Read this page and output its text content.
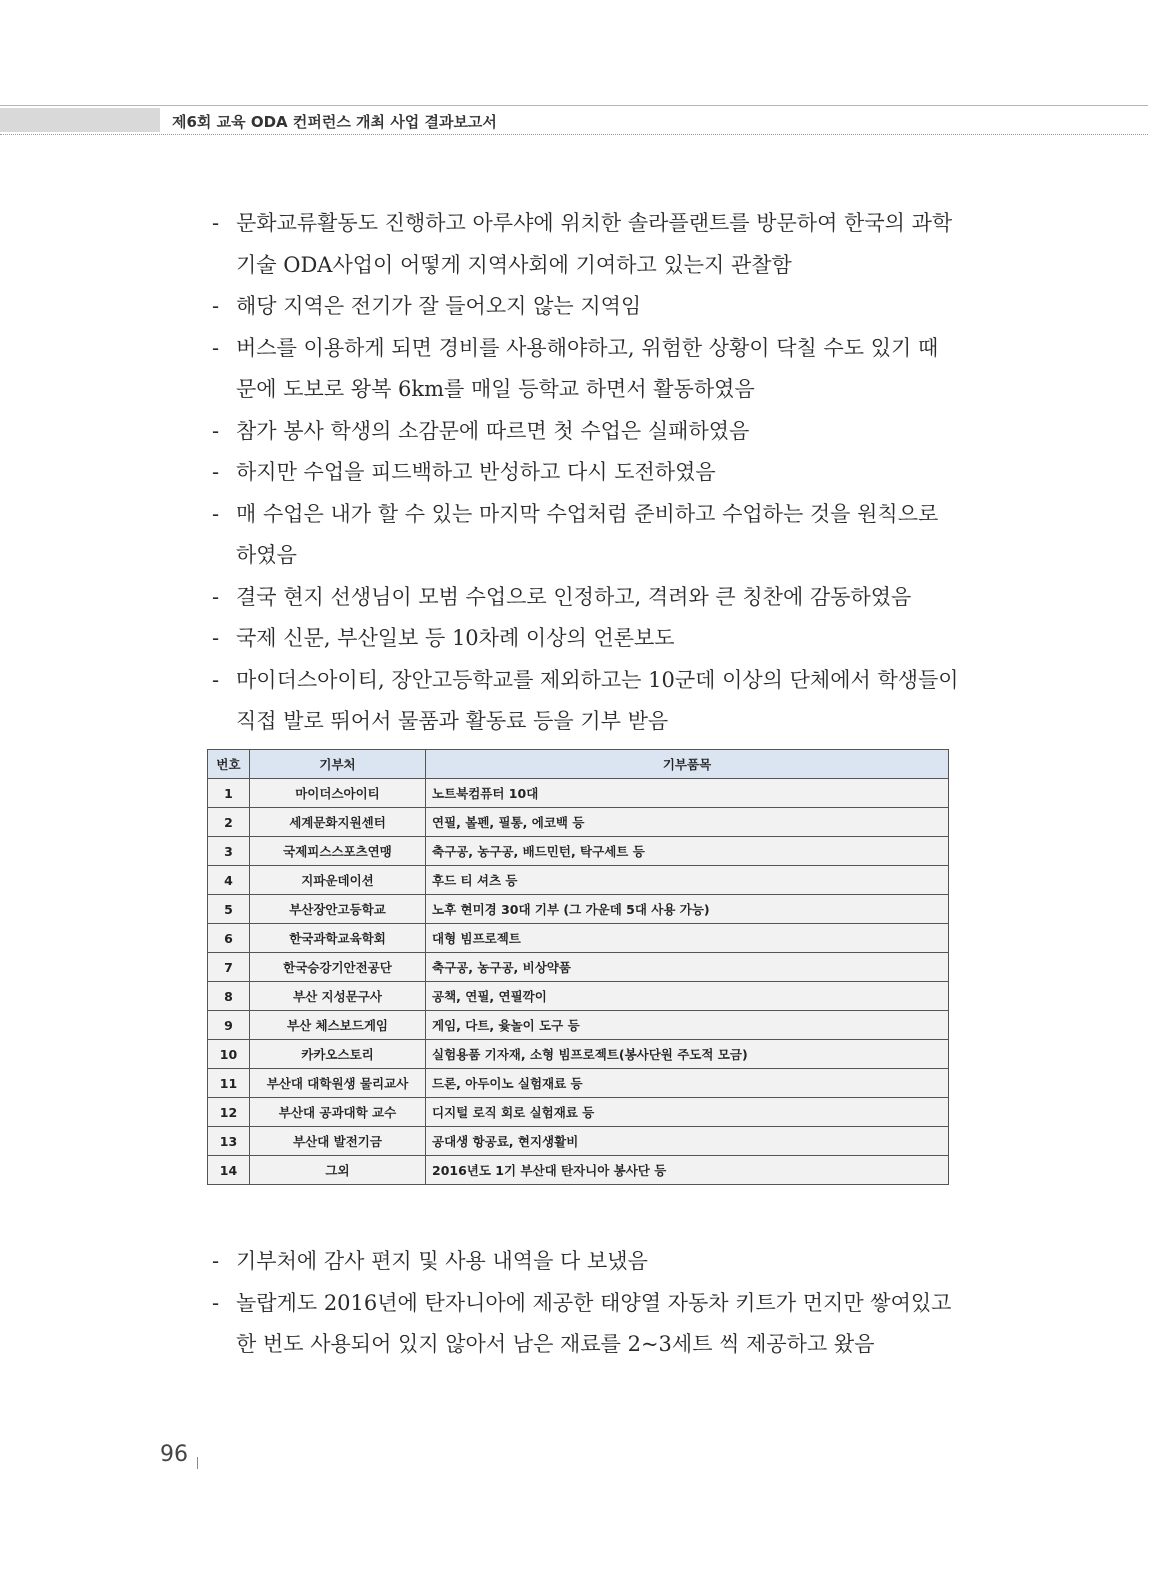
제6회 교육 ODA 컨퍼런스 개최 사업 결과보고서
- 문화교류활동도 진행하고 아루샤에 위치한 솔라플랜트를 방문하여 한국의 과학
기술 ODA사업이 어떻게 지역사회에 기여하고 있는지 관찰함
- 해당 지역은 전기가 잘 들어오지 않는 지역임
- 버스를 이용하게 되면 경비를 사용해야하고, 위험한 상황이 닥칠 수도 있기 때
문에 도보로 왕복 6km를 매일 등학교 하면서 활동하였음
- 참가 봉사 학생의 소감문에 따르면 첫 수업은 실패하였음
- 하지만 수업을 피드백하고 반성하고 다시 도전하였음
- 매 수업은 내가 할 수 있는 마지막 수업처럼 준비하고 수업하는 것을 원칙으로
하였음
- 결국 현지 선생님이 모범 수업으로 인정하고, 격려와 큰 칭찬에 감동하였음
- 국제 신문, 부산일보 등 10차례 이상의 언론보도
- 마이더스아이티, 장안고등학교를 제외하고는 10군데 이상의 단체에서 학생들이
직접 발로 뛰어서 물품과 활동료 등을 기부 받음
번호	기부처	기부품목
1	마이더스아이티	노트북컴퓨터 10대
2	세계문화지원센터	연필, 볼펜, 필통, 에코백 등
3	국제피스스포츠연맹	축구공, 농구공, 배드민턴, 탁구세트 등
4	지파운데이션	후드 티 셔츠 등
5	부산장안고등학교	노후 현미경 30대 기부 (그 가운데 5대 사용 가능)
6	한국과학교육학회	대형 빔프로젝트
7	한국승강기안전공단	축구공, 농구공, 비상약품
8	부산 지성문구사	공책, 연필, 연필깍이
9	부산 체스보드게임	게임, 다트, 윷놀이 도구 등
10	카카오스토리	실험용품 기자재, 소형 빔프로젝트(봉사단원 주도적 모금)
11	부산대 대학원생 물리교사	드론, 아두이노 실험재료 등
12	부산대 공과대학 교수	디지털 로직 회로 실험재료 등
13	부산대 발전기금	공대생 항공료, 현지생활비
14	그외	2016년도 1기 부산대 탄자니아 봉사단 등
- 기부처에 감사 편지 및 사용 내역을 다 보냈음
- 놀랍게도 2016년에 탄자니아에 제공한 태양열 자동차 키트가 먼지만 쌓여있고
한 번도 사용되어 있지 않아서 남은 재료를 2~3세트 씩 제공하고 왔음
96
